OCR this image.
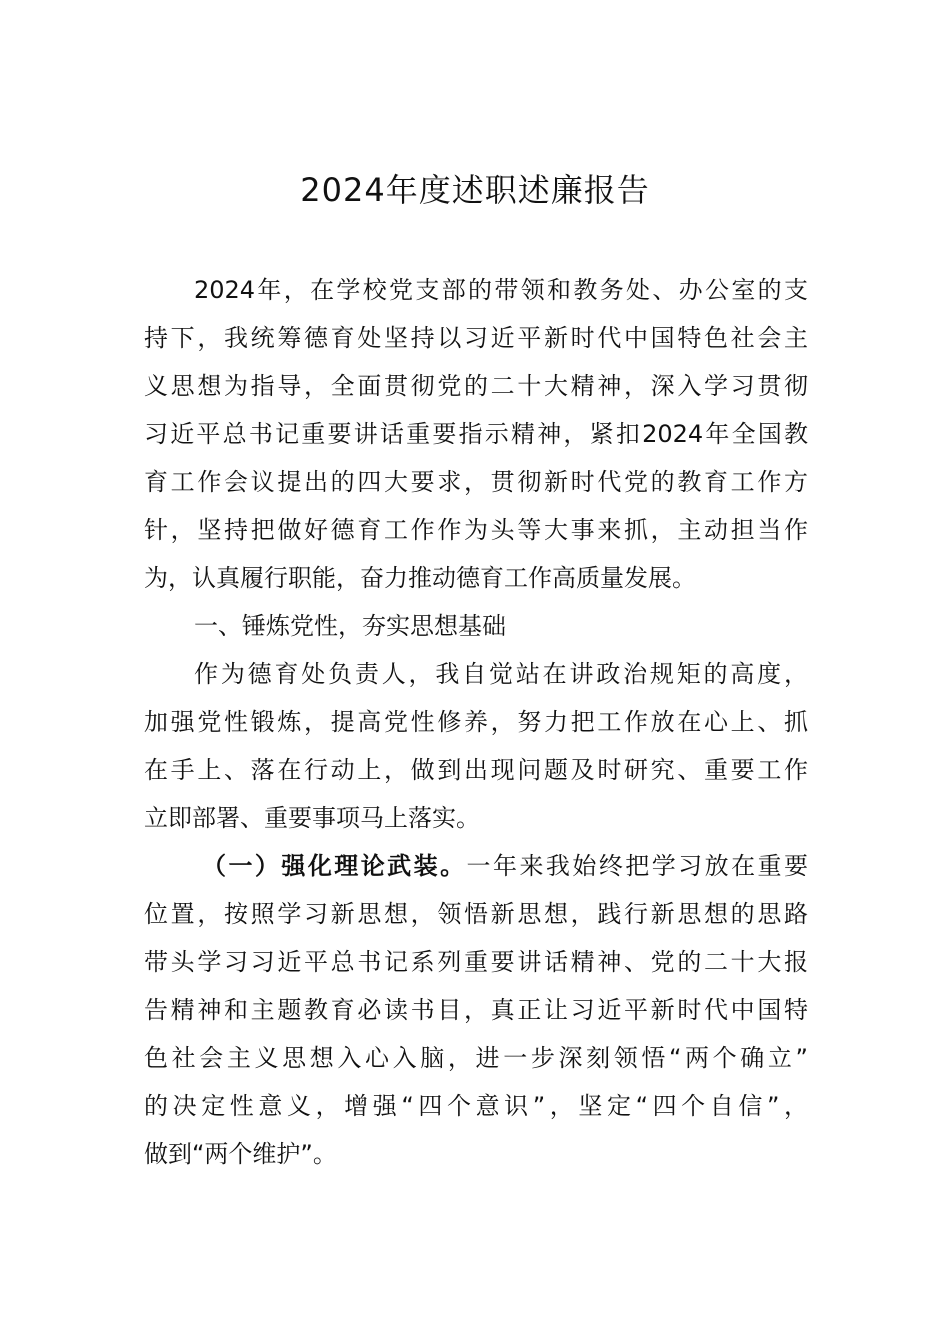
2024年度述职述廉报告
2024年，在学校党支部的带领和教务处、办公室的支
持下，我统筹德育处坚持以习近平新时代中国特色社会主
义思想为指导，全面贯彻党的二十大精神，深入学习贯彻
习近平总书记重要讲话重要指示精神，紧扣2024年全国教
育工作会议提出的四大要求，贯彻新时代党的教育工作方
针，坚持把做好德育工作作为头等大事来抓，主动担当作
为，认真履行职能，奋力推动德育工作高质量发展。
一、锤炼党性，夯实思想基础
作为德育处负责人，我自觉站在讲政治规矩的高度，
加强党性锻炼，提高党性修养，努力把工作放在心上、抓
在手上、落在行动上，做到出现问题及时研究、重要工作
立即部署、重要事项马上落实。
（一）强化理论武装。一年来我始终把学习放在重要
位置，按照学习新思想，领悟新思想，践行新思想的思路
带头学习习近平总书记系列重要讲话精神、党的二十大报
告精神和主题教育必读书目，真正让习近平新时代中国特
色社会主义思想入心入脑，进一步深刻领悟“两个确立”
的决定性意义，增强“四个意识”，坚定“四个自信”，
做到“两个维护”。
